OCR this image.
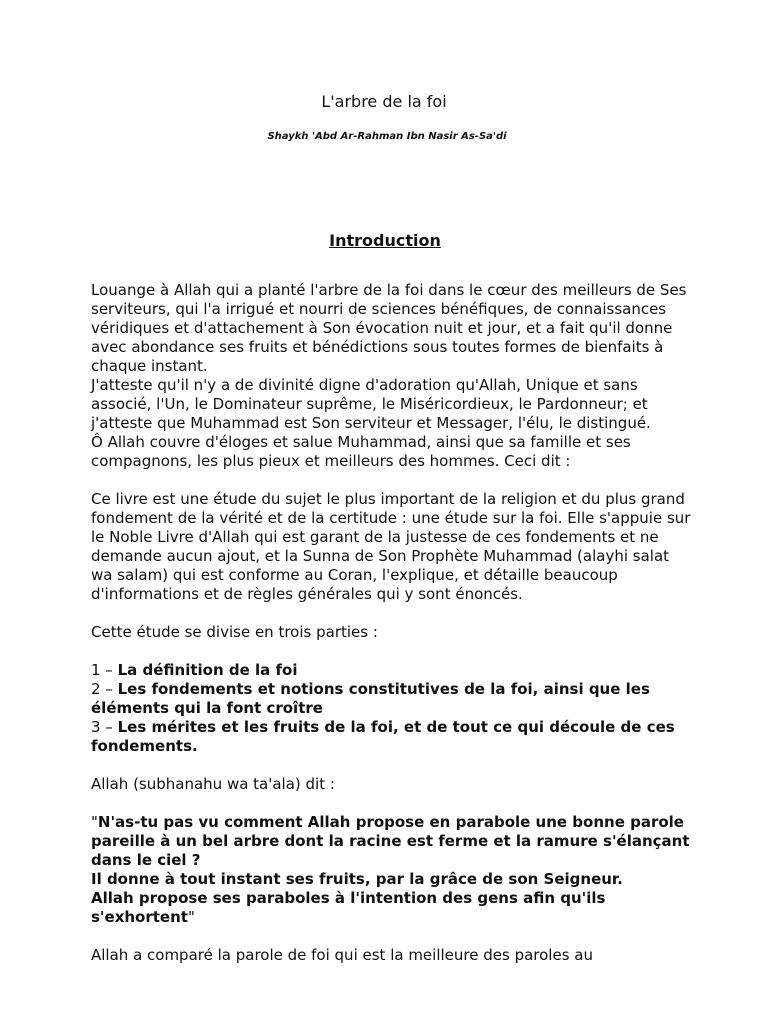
L'arbre de la foi
Shaykh 'Abd Ar-Rahman Ibn Nasir As-Sa'di
Introduction

Louange à Allah qui a planté l'arbre de la foi dans le cœur des meilleurs de Ses serviteurs, qui l'a irrigué et nourri de sciences bénéfiques, de connaissances véridiques et d'attachement à Son évocation nuit et jour, et a fait qu'il donne avec abondance ses fruits et bénédictions sous toutes formes de bienfaits à chaque instant.

J'atteste qu'il n'y a de divinité digne d'adoration qu'Allah, Unique et sans associé, l'Un, le Dominateur suprême, le Miséricordieux, le Pardonneur; et j'atteste que Muhammad est Son serviteur et Messager, l'élu, le distingué.

Ô Allah couvre d'éloges et salue Muhammad, ainsi que sa famille et ses compagnons, les plus pieux et meilleurs des hommes. Ceci dit :

Ce livre est une étude du sujet le plus important de la religion et du plus grand fondement de la vérité et de la certitude : une étude sur la foi. Elle s'appuie sur le Noble Livre d'Allah qui est garant de la justesse de ces fondements et ne demande aucun ajout, et la Sunna de Son Prophète Muhammad (alayhi salat wa salam) qui est conforme au Coran, l'explique, et détaille beaucoup d'informations et de règles générales qui y sont énoncés.

Cette étude se divise en trois parties :

1 – La définition de la foi

2 – Les fondements et notions constitutives de la foi, ainsi que les éléments qui la font croître

3 – Les mérites et les fruits de la foi, et de tout ce qui découle de ces fondements.

Allah (subhanahu wa ta'ala) dit :

"N'as-tu pas vu comment Allah propose en parabole une bonne parole pareille à un bel arbre dont la racine est ferme et la ramure s'élançant dans le ciel ?
Il donne à tout instant ses fruits, par la grâce de son Seigneur.
Allah propose ses paraboles à l'intention des gens afin qu'ils s'exhortent"

Allah a comparé la parole de foi qui est la meilleure des paroles au
